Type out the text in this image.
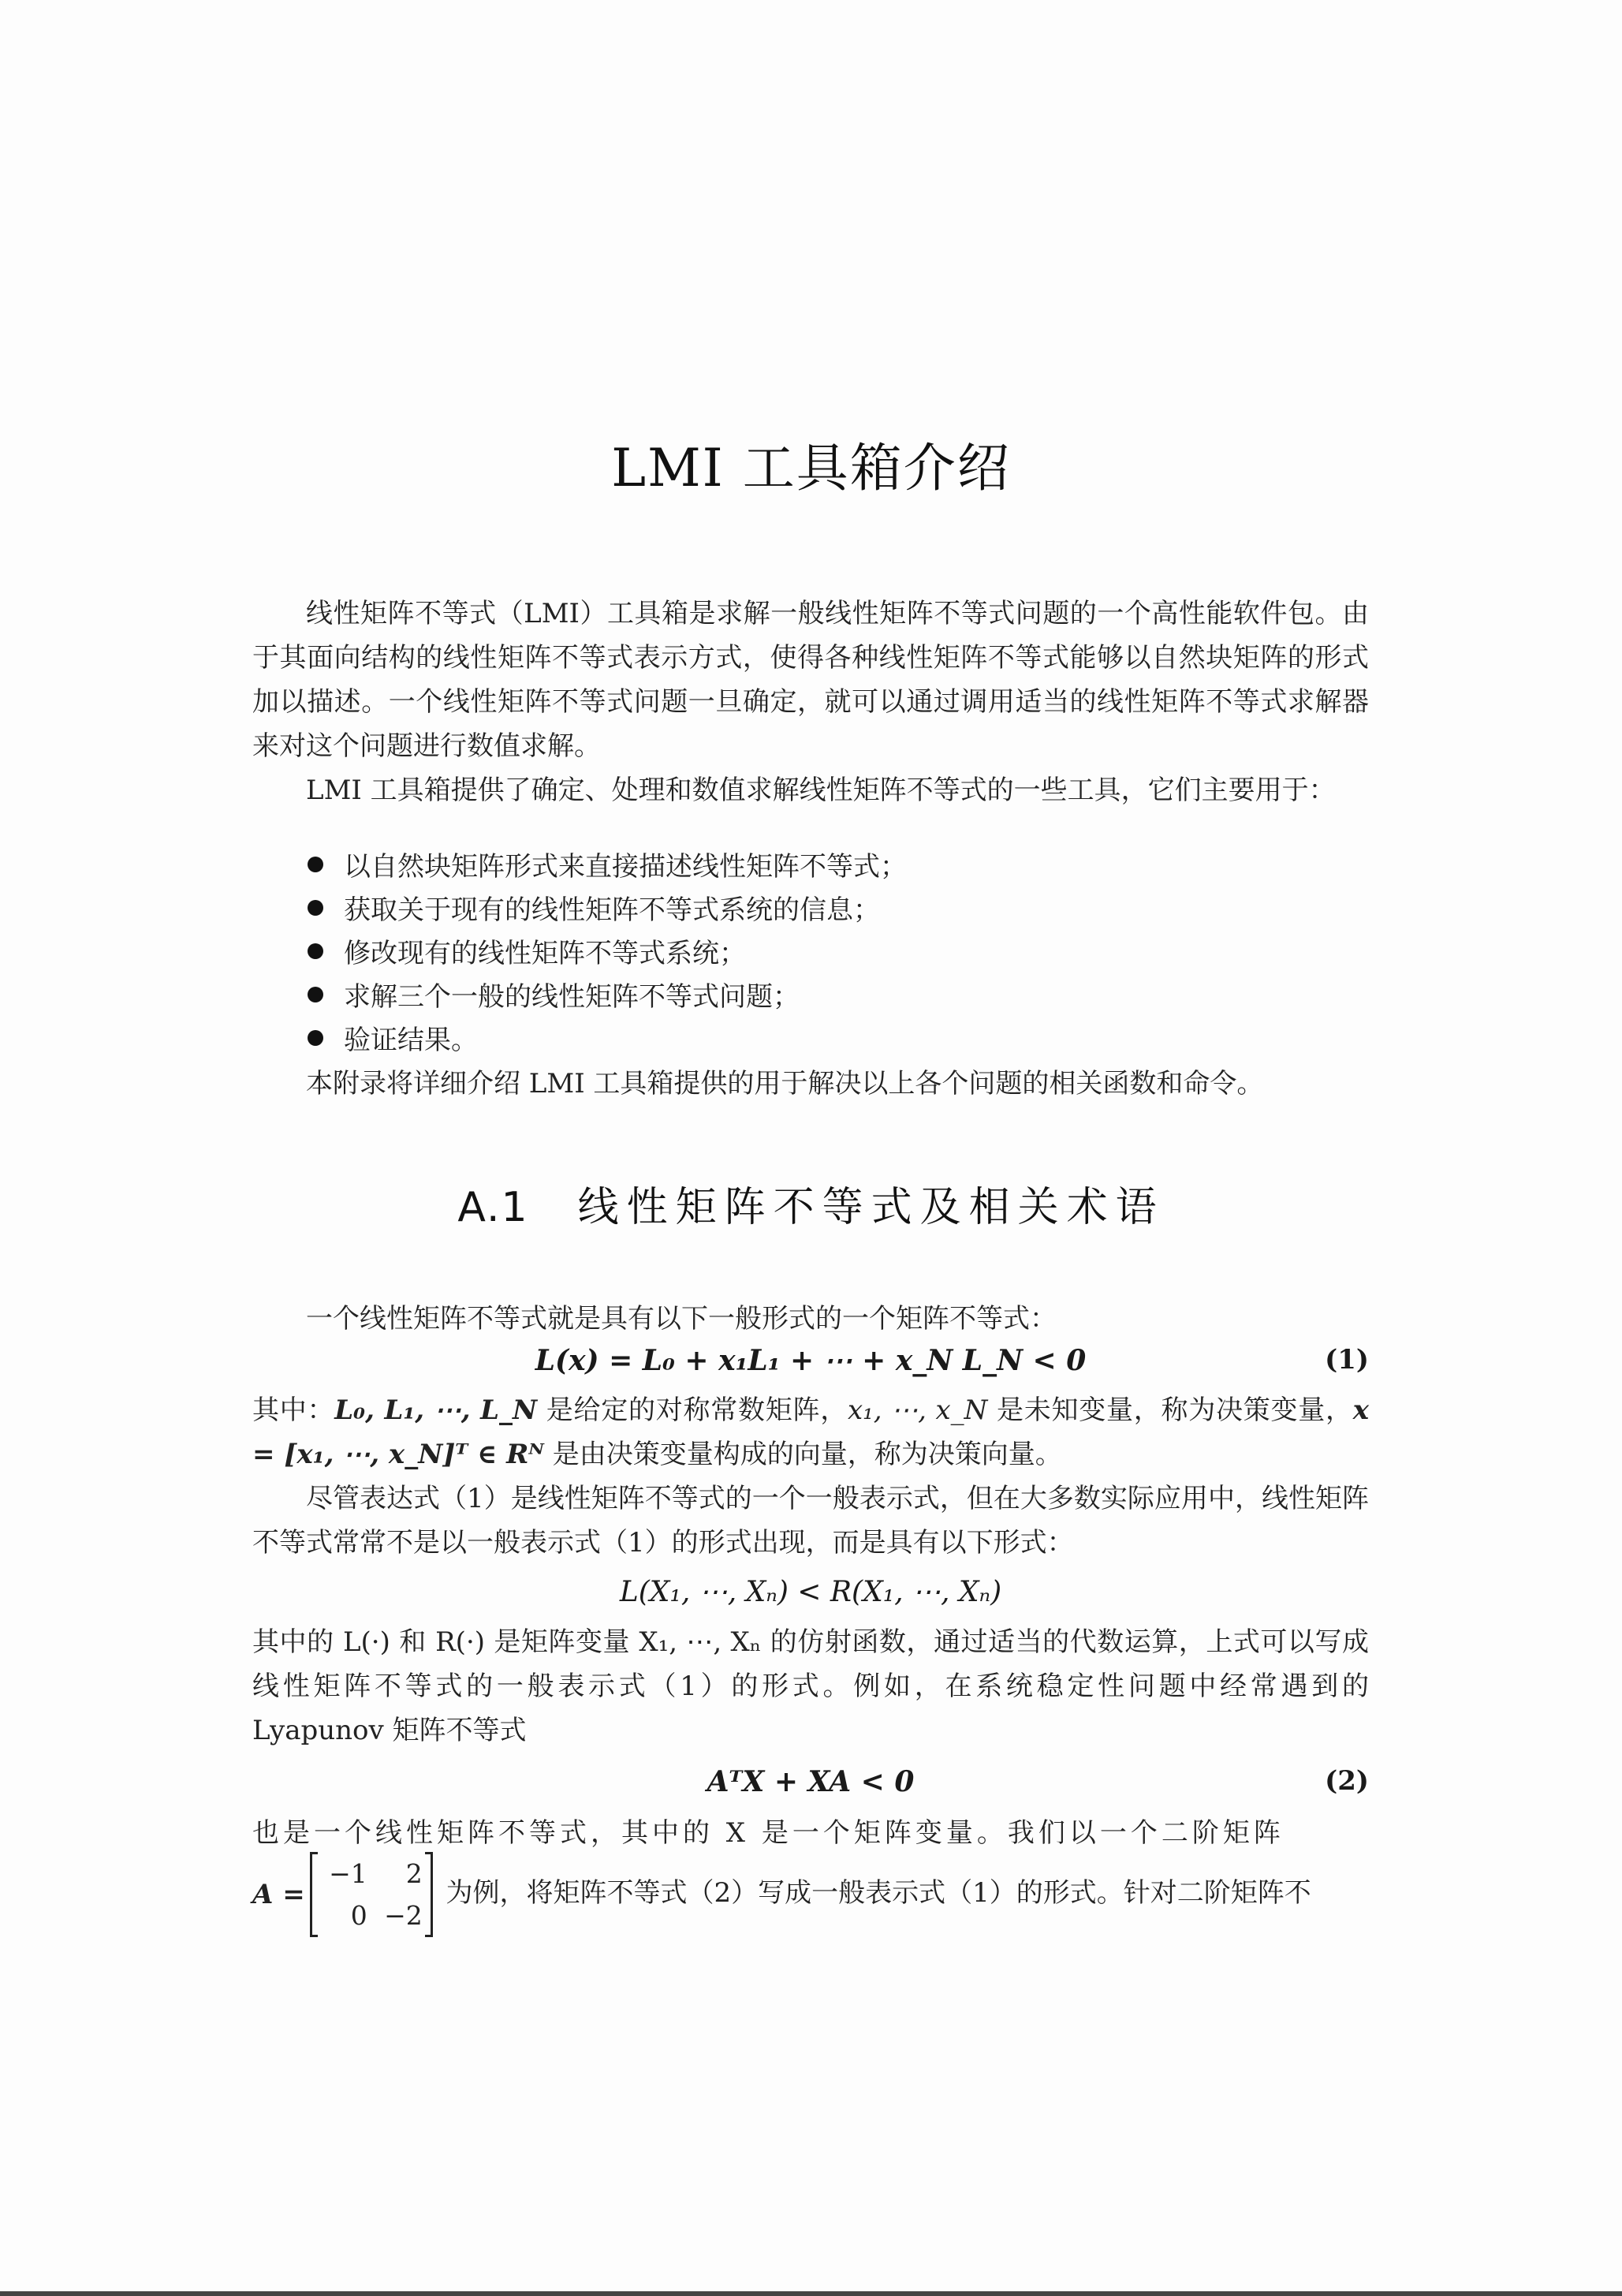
LMI 工具箱介绍

线性矩阵不等式（LMI）工具箱是求解一般线性矩阵不等式问题的一个高性能软件包。由于其面向结构的线性矩阵不等式表示方式，使得各种线性矩阵不等式能够以自然块矩阵的形式加以描述。一个线性矩阵不等式问题一旦确定，就可以通过调用适当的线性矩阵不等式求解器来对这个问题进行数值求解。

LMI 工具箱提供了确定、处理和数值求解线性矩阵不等式的一些工具，它们主要用于：

以自然块矩阵形式来直接描述线性矩阵不等式；
获取关于现有的线性矩阵不等式系统的信息；
修改现有的线性矩阵不等式系统；
求解三个一般的线性矩阵不等式问题；
验证结果。

本附录将详细介绍 LMI 工具箱提供的用于解决以上各个问题的相关函数和命令。

A.1 线性矩阵不等式及相关术语

一个线性矩阵不等式就是具有以下一般形式的一个矩阵不等式：

L(x) = L₀ + x₁L₁ + ⋯ + x_N L_N < 0	(1)

其中：L₀, L₁, ⋯, L_N 是给定的对称常数矩阵，x₁, ⋯, x_N 是未知变量，称为决策变量，x = [x₁, ⋯, x_N]ᵀ ∈ Rᴺ 是由决策变量构成的向量，称为决策向量。

尽管表达式（1）是线性矩阵不等式的一个一般表示式，但在大多数实际应用中，线性矩阵不等式常常不是以一般表示式（1）的形式出现，而是具有以下形式：

L(X₁, ⋯, Xₙ) < R(X₁, ⋯, Xₙ)

其中的 L(·) 和 R(·) 是矩阵变量 X₁, ⋯, Xₙ 的仿射函数，通过适当的代数运算，上式可以写成线性矩阵不等式的一般表示式（1）的形式。例如，在系统稳定性问题中经常遇到的 Lyapunov 矩阵不等式

AᵀX + XA < 0	(2)

也是一个线性矩阵不等式，其中的 X 是一个矩阵变量。我们以一个二阶矩阵

A =
−1	2
0 −2
为例，将矩阵不等式（2）写成一般表示式（1）的形式。针对二阶矩阵不
